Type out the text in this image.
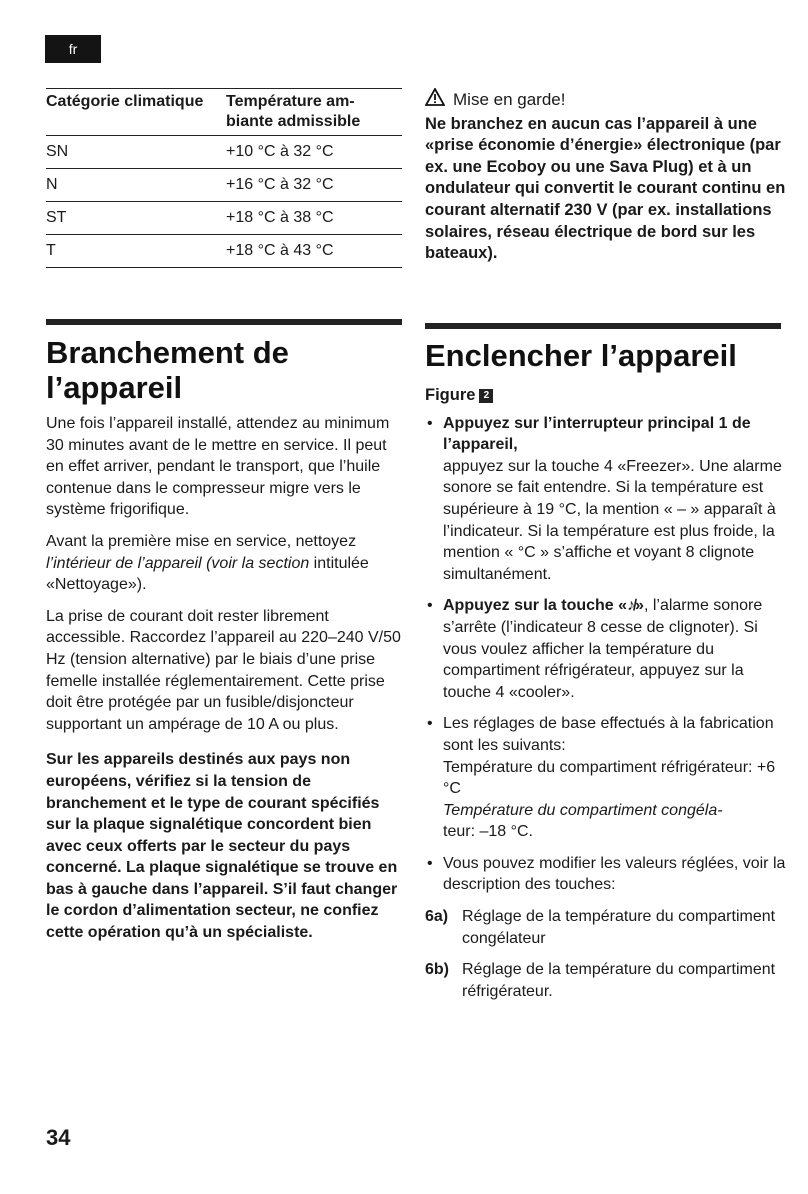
fr
Catégorie climatique	Température am-
biante admissible
SN	+10 °C à 32 °C
N	+16 °C à 32 °C
ST	+18 °C à 38 °C
T	+18 °C à 43 °C
Mise en garde!
Ne branchez en aucun cas l’appareil à une «prise économie d’énergie» électronique (par ex. une Ecoboy ou une Sava Plug) et à un ondulateur qui convertit le courant continu en courant alternatif 230 V (par ex. installations solaires, réseau électrique de bord sur les bateaux).
Branchement de l’appareil
Enclencher l’appareil

Une fois l’appareil installé, attendez au minimum 30 minutes avant de le mettre en service. Il peut en effet arriver, pendant le transport, que l’huile contenue dans le compresseur migre vers le système frigorifique.

Avant la première mise en service, nettoyez l’intérieur de l’appareil (voir la section intitulée «Nettoyage»).

La prise de courant doit rester librement accessible. Raccordez l’appareil au 220–240 V/50 Hz (tension alternative) par le biais d’une prise femelle installée réglementairement. Cette prise doit être protégée par un fusible/disjoncteur supportant un ampérage de 10 A ou plus.

Sur les appareils destinés aux pays non européens, vérifiez si la tension de branchement et le type de courant spécifiés sur la plaque signalétique concordent bien avec ceux offerts par le secteur du pays concerné. La plaque signalétique se trouve en bas à gauche dans l’appareil. S’il faut changer le cordon d’alimentation secteur, ne confiez cette opération qu’à un spécialiste.

Figure 2

• Appuyez sur l’interrupteur principal 1 de l’appareil,
appuyez sur la touche 4 «Freezer». Une alarme sonore se fait entendre. Si la température est supérieure à 19 °C, la mention « – » apparaît à l’indicateur. Si la température est plus froide, la mention « °C » s’affiche et voyant 8 clignote simultanément.

• Appuyez sur la touche «♪̸», l’alarme sonore s’arrête (l’indicateur 8 cesse de clignoter). Si vous voulez afficher la température du compartiment réfrigérateur, appuyez sur la touche 4 «cooler».

• Les réglages de base effectués à la fabrication sont les suivants:
Température du compartiment réfrigérateur: +6 °C
Température du compartiment congéla-
teur: –18 °C.

• Vous pouvez modifier les valeurs réglées, voir la description des touches:

6a) Réglage de la température du compartiment congélateur

6b) Réglage de la température du compartiment réfrigérateur.

34
